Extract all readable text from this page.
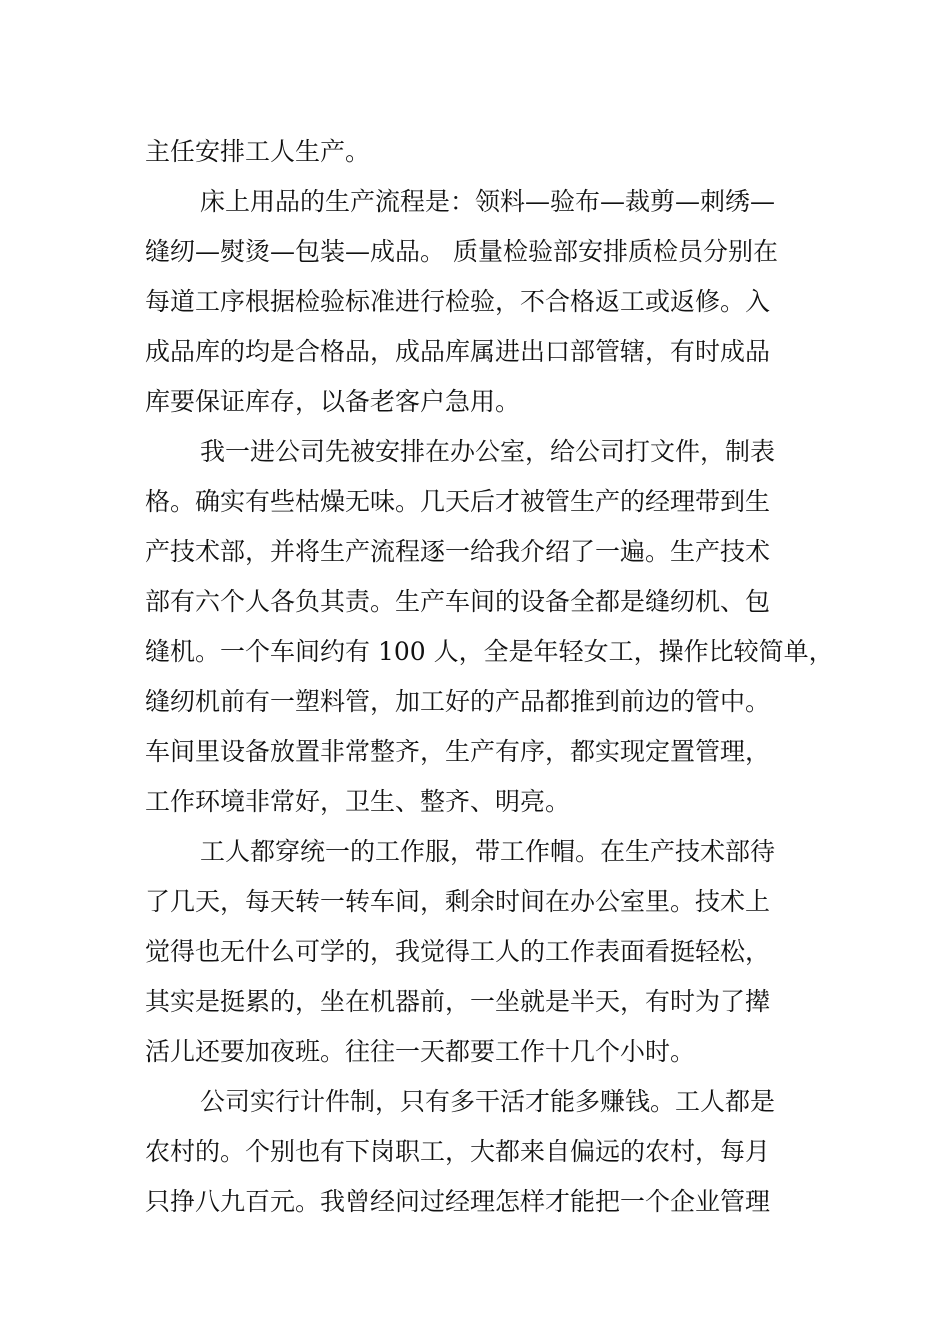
主任安排工人生产。
床上用品的生产流程是：领料—验布—裁剪—刺绣—
缝纫—熨烫—包装—成品。 质量检验部安排质检员分别在
每道工序根据检验标准进行检验，不合格返工或返修。入
成品库的均是合格品，成品库属进出口部管辖，有时成品
库要保证库存，以备老客户急用。
我一进公司先被安排在办公室，给公司打文件，制表
格。确实有些枯燥无味。几天后才被管生产的经理带到生
产技术部，并将生产流程逐一给我介绍了一遍。生产技术
部有六个人各负其责。生产车间的设备全都是缝纫机、包
缝机。一个车间约有 100 人，全是年轻女工，操作比较简单，
缝纫机前有一塑料管，加工好的产品都推到前边的管中。
车间里设备放置非常整齐，生产有序，都实现定置管理，
工作环境非常好，卫生、整齐、明亮。
工人都穿统一的工作服，带工作帽。在生产技术部待
了几天，每天转一转车间，剩余时间在办公室里。技术上
觉得也无什么可学的，我觉得工人的工作表面看挺轻松，
其实是挺累的，坐在机器前，一坐就是半天，有时为了撵
活儿还要加夜班。往往一天都要工作十几个小时。
公司实行计件制，只有多干活才能多赚钱。工人都是
农村的。个别也有下岗职工，大都来自偏远的农村，每月
只挣八九百元。我曾经问过经理怎样才能把一个企业管理
